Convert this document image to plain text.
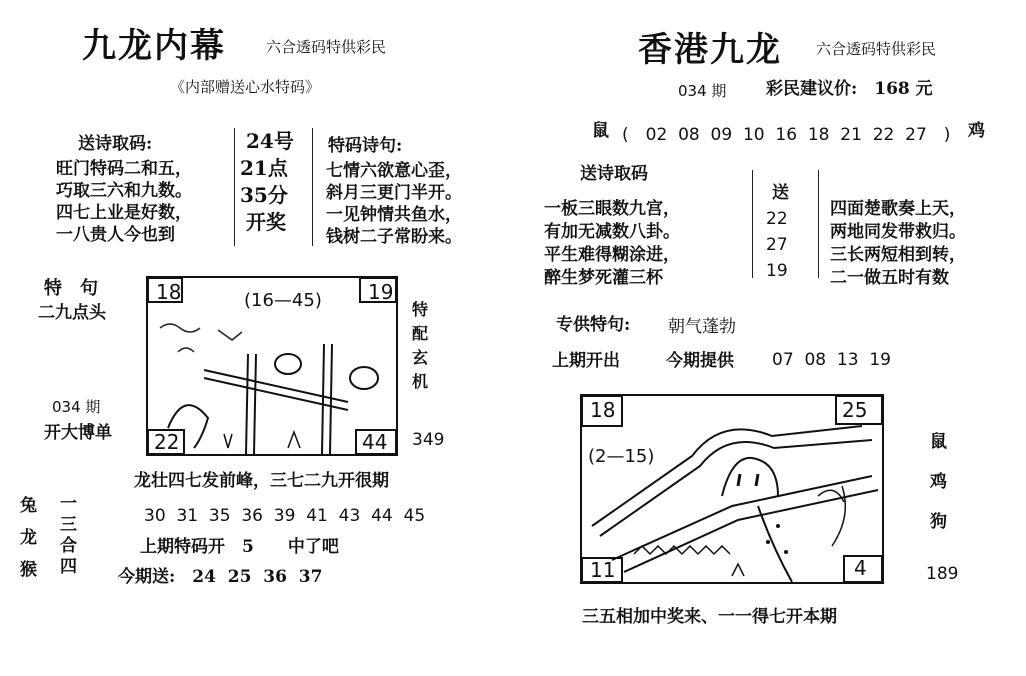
九龙内幕	六合透码特供彩民
《内部赠送心水特码》
送诗取码:
旺门特码二和五，
巧取三六和九数。
四七上业是好数，
一八贵人今也到
24号
21点
35分
开奖
特码诗句:
七情六欲意心歪，
斜月三更门半开。
一见钟情共鱼水，
钱树二子常盼来。
特　句
二九点头
034 期
开大博单
18	19
22	44
(16—45)	特
配
玄
机
349
龙壮四七发前峰，三七二九开很期
兔
龙
猴
一
三
合
四
30  31  35  36  39  41  43  44  45
上期特码开　5　　中了吧
今期送:　24  25  36  37
香港九龙 六合透码特供彩民
034 期 彩民建议价:　168 元
鼠 (　02  08  09  10  16  18  21  22  27　) 鸡
送诗取码
一板三眼数九宫，
有加无减数八卦。
平生难得糊涂进，
醉生梦死灌三杯
送
22
27
19
四面楚歌奏上天，
两地同发带救归。
三长两短相到转，
二一做五时有数
专供特句: 朝气蓬勃
上期开出	今期提供 07  08  13  19
18	25
11	4
(2—15)
鼠
鸡
狗
189
三五相加中奖来、一一得七开本期
